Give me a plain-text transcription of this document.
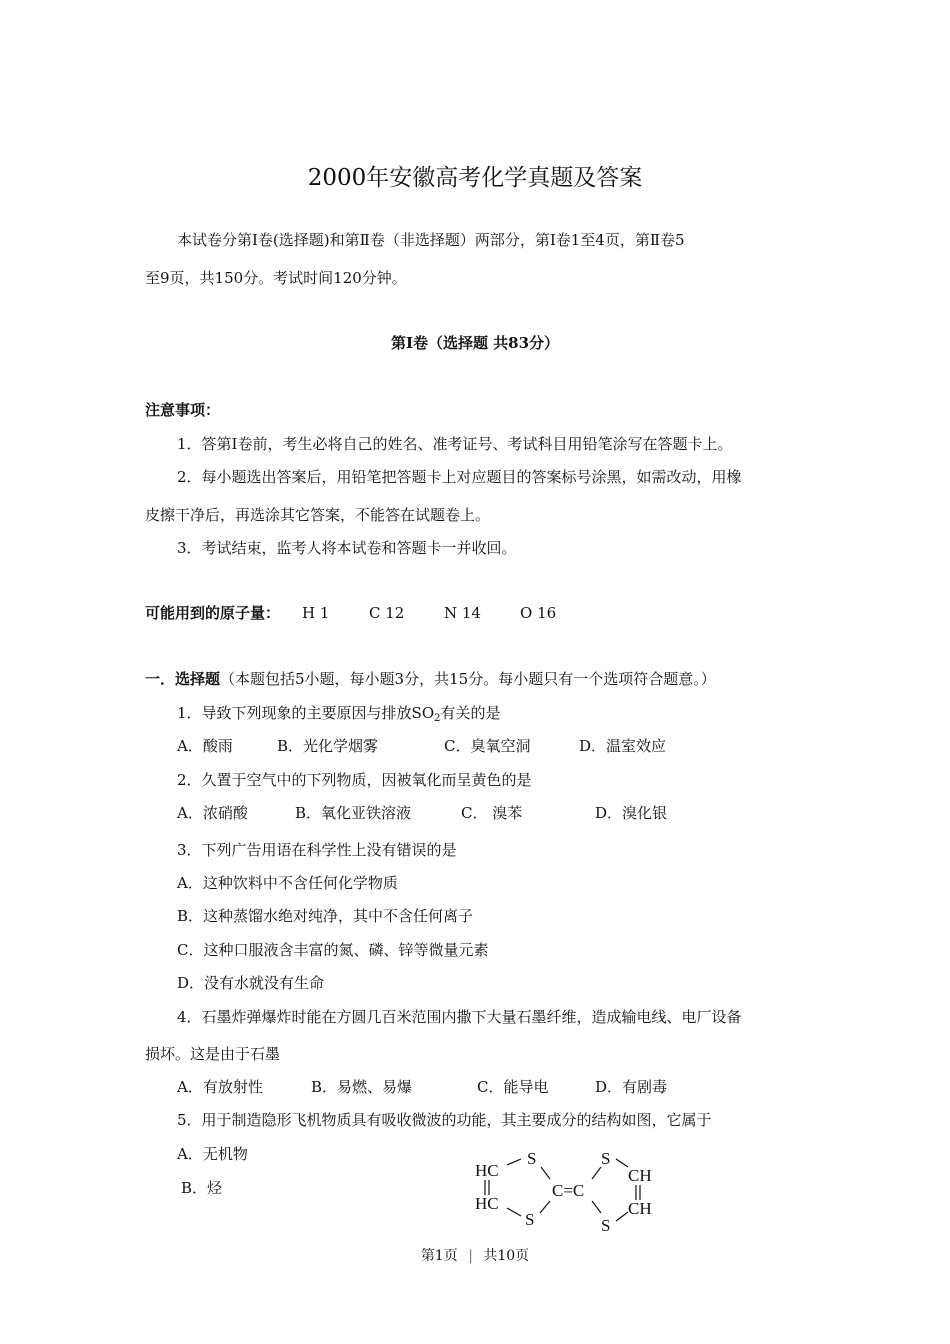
2000年安徽高考化学真题及答案
本试卷分第Ⅰ卷(选择题)和第Ⅱ卷（非选择题）两部分，第Ⅰ卷1至4页，第Ⅱ卷5
至9页，共150分。考试时间120分钟。
第Ⅰ卷（选择题 共83分）
注意事项：
1．答第Ⅰ卷前，考生必将自己的姓名、准考证号、考试科目用铅笔涂写在答题卡上。
2．每小题选出答案后，用铅笔把答题卡上对应题目的答案标号涂黑，如需改动，用橡
皮擦干净后，再选涂其它答案，不能答在试题卷上。
3．考试结束，监考人将本试卷和答题卡一并收回。
可能用到的原子量： H 1	C 12	N 14	O 16
一．选择题（本题包括5小题，每小题3分，共15分。每小题只有一个选项符合题意。）
1．导致下列现象的主要原因与排放$SO_2$有关的是
A．酸雨	B．光化学烟雾	C．臭氧空洞	D．温室效应
2．久置于空气中的下列物质，因被氧化而呈黄色的是
A．浓硝酸	B．氧化亚铁溶液	C． 溴苯	D．溴化银
3．下列广告用语在科学性上没有错误的是
A．这种饮料中不含任何化学物质
B．这种蒸馏水绝对纯净，其中不含任何离子
C．这种口服液含丰富的氮、磷、锌等微量元素
D．没有水就没有生命
4．石墨炸弹爆炸时能在方圆几百米范围内撒下大量石墨纤维，造成输电线、电厂设备
损坏。这是由于石墨
A．有放射性	B．易燃、易爆	C．能导电	D．有剧毒
5．用于制造隐形飞机物质具有吸收微波的功能，其主要成分的结构如图，它属于
A．无机物
B．烃
HC
HC
S
S
C=C
S
S
CH
CH
第1页 | 共10页
